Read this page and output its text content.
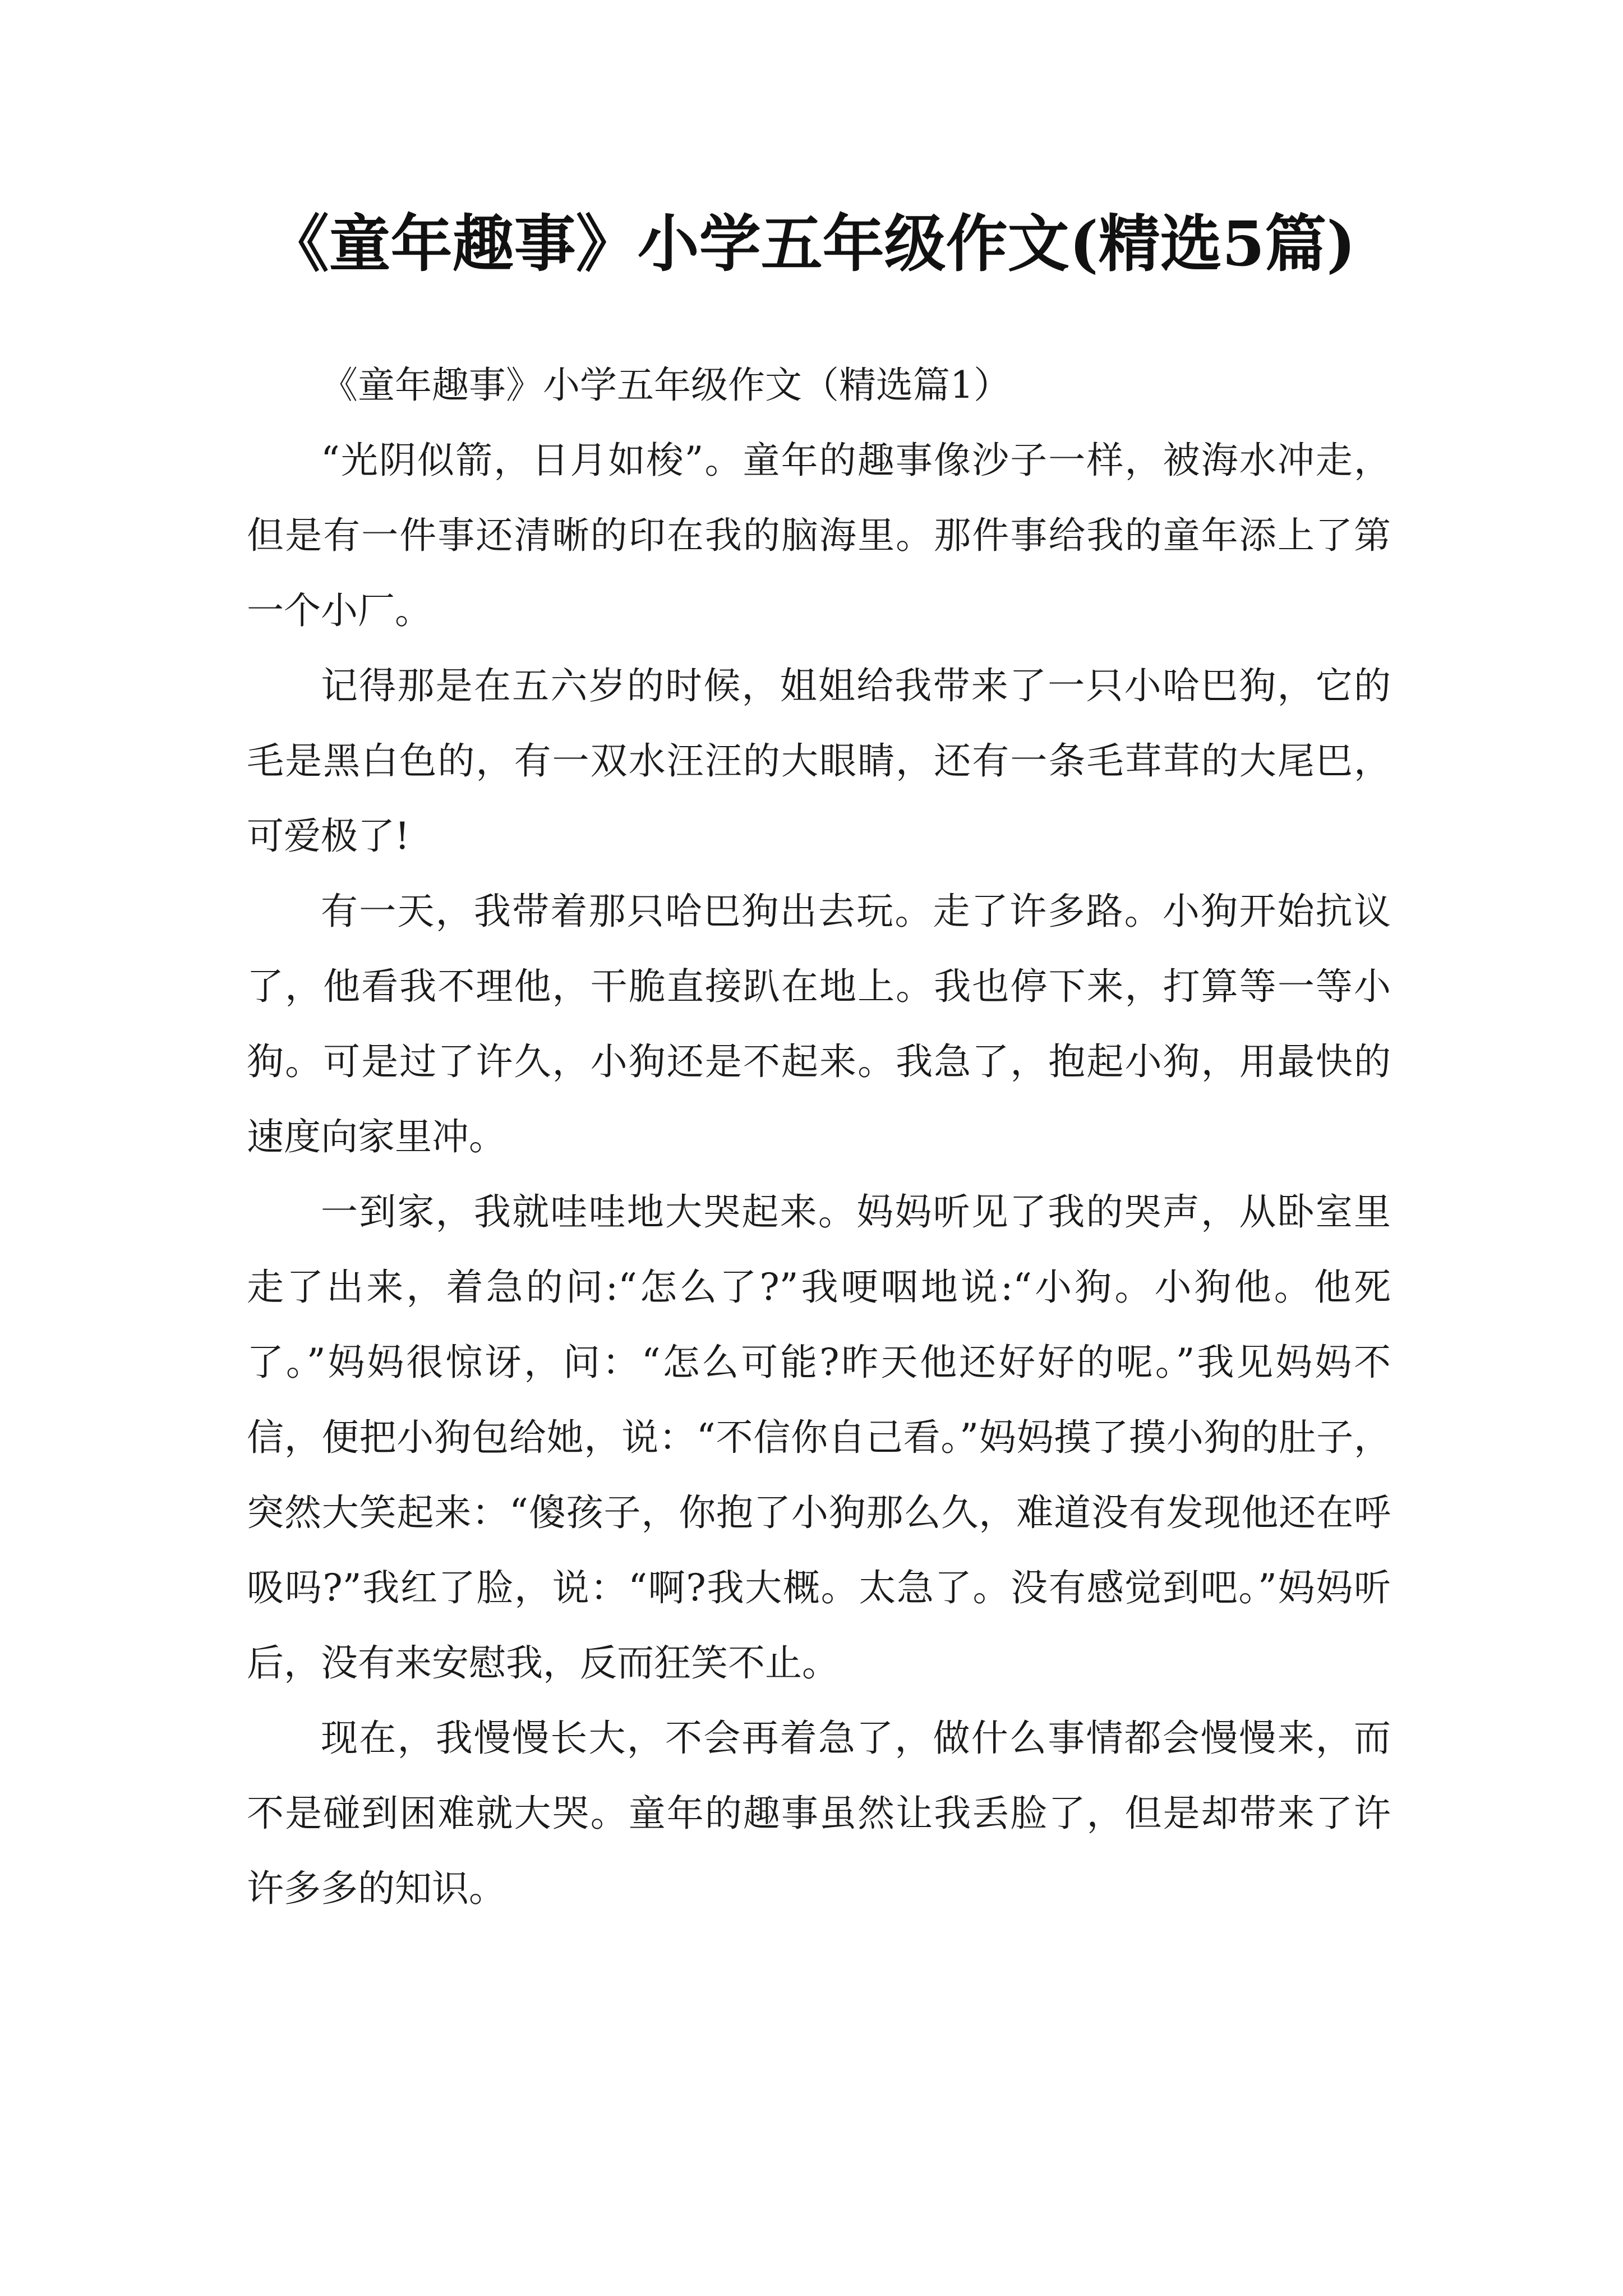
《童年趣事》小学五年级作文(精选5篇)

《童年趣事》小学五年级作文（精选篇1）

“光阴似箭，日月如梭”。童年的趣事像沙子一样，被海水冲走，但是有一件事还清晰的印在我的脑海里。那件事给我的童年添上了第一个小厂。

记得那是在五六岁的时候，姐姐给我带来了一只小哈巴狗，它的毛是黑白色的，有一双水汪汪的大眼睛，还有一条毛茸茸的大尾巴，可爱极了!

有一天，我带着那只哈巴狗出去玩。走了许多路。小狗开始抗议了，他看我不理他，干脆直接趴在地上。我也停下来，打算等一等小狗。可是过了许久，小狗还是不起来。我急了，抱起小狗，用最快的速度向家里冲。

一到家，我就哇哇地大哭起来。妈妈听见了我的哭声，从卧室里走了出来，着急的问:“怎么了?”我哽咽地说:“小狗。小狗他。他死了。”妈妈很惊讶，问：“怎么可能?昨天他还好好的呢。”我见妈妈不信，便把小狗包给她，说：“不信你自己看。”妈妈摸了摸小狗的肚子，突然大笑起来：“傻孩子，你抱了小狗那么久，难道没有发现他还在呼吸吗?”我红了脸，说：“啊?我大概。太急了。没有感觉到吧。”妈妈听后，没有来安慰我，反而狂笑不止。

现在，我慢慢长大，不会再着急了，做什么事情都会慢慢来，而不是碰到困难就大哭。童年的趣事虽然让我丢脸了，但是却带来了许许多多的知识。
